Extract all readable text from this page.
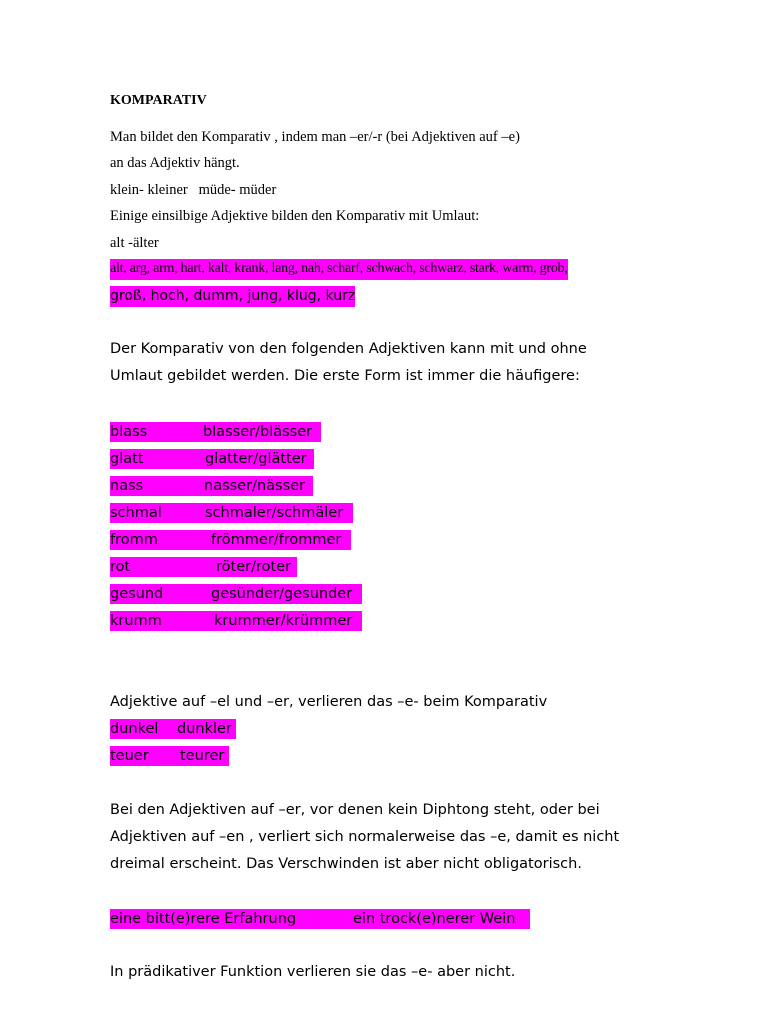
KOMPARATIV
Man bildet den Komparativ , indem man –er/-r (bei Adjektiven auf –e)
an das Adjektiv hängt.
klein- kleiner   müde- müder
Einige einsilbige Adjektive bilden den Komparativ mit Umlaut:
alt -älter
alt, arg, arm, hart, kalt, krank, lang, nah, scharf, schwach, schwarz, stark, warm, grob,
groß, hoch, dumm, jung, klug, kurz
Der Komparativ von den folgenden Adjektiven kann mit und ohne
Umlaut gebildet werden. Die erste Form ist immer die häufigere:
blass	blasser/blässer
glatt	glatter/glätter
nass	nasser/nässer
schmal	schmaler/schmäler
fromm	frömmer/frommer
rot	röter/roter
gesund	gesünder/gesunder
krumm	krummer/krümmer
Adjektive auf –el und –er, verlieren das –e- beim Komparativ
dunkel dunkler
teuer teurer
Bei den Adjektiven auf –er, vor denen kein Diphtong steht, oder bei
Adjektiven auf –en , verliert sich normalerweise das –e, damit es nicht
dreimal erscheint. Das Verschwinden ist aber nicht obligatorisch.
eine bitt(e)rere Erfahrung	ein trock(e)nerer Wein
In prädikativer Funktion verlieren sie das –e- aber nicht.
